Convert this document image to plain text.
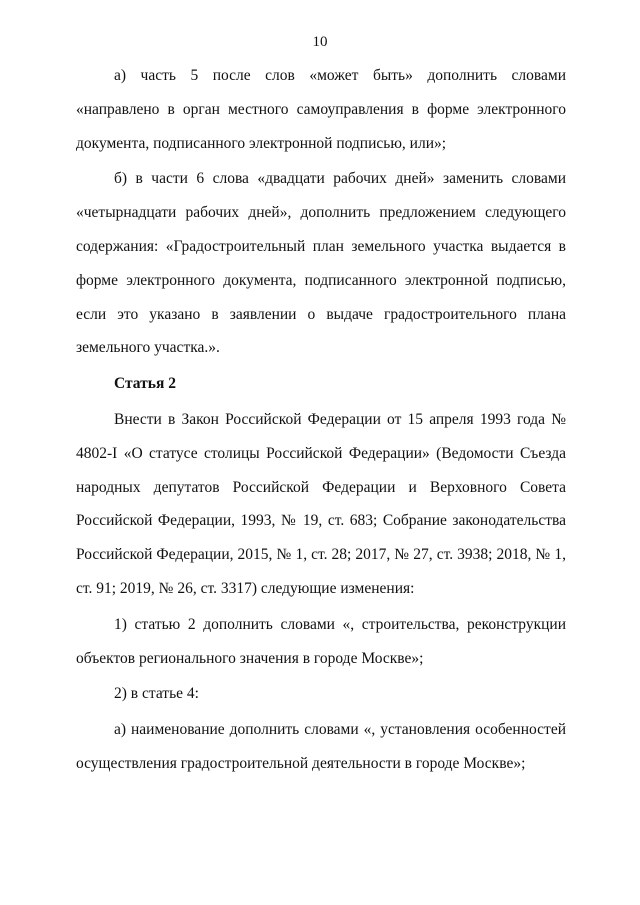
10

а) часть 5 после слов «может быть» дополнить словами «направлено в орган местного самоуправления в форме электронного документа, подписанного электронной подписью, или»;

б) в части 6 слова «двадцати рабочих дней» заменить словами «четырнадцати рабочих дней», дополнить предложением следующего содержания: «Градостроительный план земельного участка выдается в форме электронного документа, подписанного электронной подписью, если это указано в заявлении о выдаче градостроительного плана земельного участка.».

Статья 2

Внести в Закон Российской Федерации от 15 апреля 1993 года № 4802-I «О статусе столицы Российской Федерации» (Ведомости Съезда народных депутатов Российской Федерации и Верховного Совета Российской Федерации, 1993, № 19, ст. 683; Собрание законодательства Российской Федерации, 2015, № 1, ст. 28; 2017, № 27, ст. 3938; 2018, № 1, ст. 91; 2019, № 26, ст. 3317) следующие изменения:

1) статью 2 дополнить словами «, строительства, реконструкции объектов регионального значения в городе Москве»;

2) в статье 4:

а) наименование дополнить словами «, установления особенностей осуществления градостроительной деятельности в городе Москве»;
